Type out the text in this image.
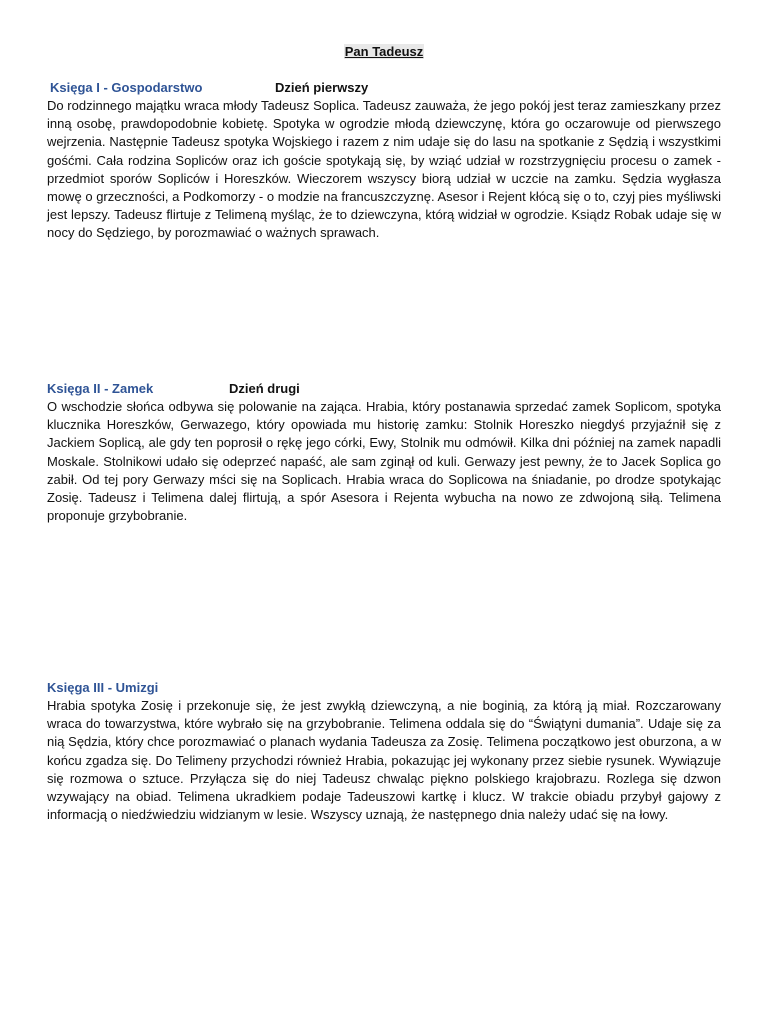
Pan Tadeusz
Księga I - Gospodarstwo	Dzień pierwszy

Do rodzinnego majątku wraca młody Tadeusz Soplica. Tadeusz zauważa, że jego pokój jest teraz zamieszkany przez inną osobę, prawdopodobnie kobietę. Spotyka w ogrodzie młodą dziewczynę, która go oczarowuje od pierwszego wejrzenia. Następnie Tadeusz spotyka Wojskiego i razem z nim udaje się do lasu na spotkanie z Sędzią i wszystkimi gośćmi. Cała rodzina Sopliców oraz ich goście spotykają się, by wziąć udział w rozstrzygnięciu procesu o zamek - przedmiot sporów Sopliców i Horeszków. Wieczorem wszyscy biorą udział w uczcie na zamku. Sędzia wygłasza mowę o grzeczności, a Podkomorzy - o modzie na francuszczyznę. Asesor i Rejent kłócą się o to, czyj pies myśliwski jest lepszy. Tadeusz flirtuje z Telimeną myśląc, że to dziewczyna, którą widział w ogrodzie. Ksiądz Robak udaje się w nocy do Sędziego, by porozmawiać o ważnych sprawach.

Księga II - Zamek	Dzień drugi

O wschodzie słońca odbywa się polowanie na zająca. Hrabia, który postanawia sprzedać zamek Soplicom, spotyka klucznika Horeszków, Gerwazego, który opowiada mu historię zamku: Stolnik Horeszko niegdyś przyjaźnił się z Jackiem Soplicą, ale gdy ten poprosił o rękę jego córki, Ewy, Stolnik mu odmówił. Kilka dni później na zamek napadli Moskale. Stolnikowi udało się odeprzeć napaść, ale sam zginął od kuli. Gerwazy jest pewny, że to Jacek Soplica go zabił. Od tej pory Gerwazy mści się na Soplicach. Hrabia wraca do Soplicowa na śniadanie, po drodze spotykając Zosię. Tadeusz i Telimena dalej flirtują, a spór Asesora i Rejenta wybucha na nowo ze zdwojoną siłą. Telimena proponuje grzybobranie.

Księga III - Umizgi

Hrabia spotyka Zosię i przekonuje się, że jest zwykłą dziewczyną, a nie boginią, za którą ją miał. Rozczarowany wraca do towarzystwa, które wybrało się na grzybobranie. Telimena oddala się do “Świątyni dumania”. Udaje się za nią Sędzia, który chce porozmawiać o planach wydania Tadeusza za Zosię. Telimena początkowo jest oburzona, a w końcu zgadza się. Do Telimeny przychodzi również Hrabia, pokazując jej wykonany przez siebie rysunek. Wywiązuje się rozmowa o sztuce. Przyłącza się do niej Tadeusz chwaląc piękno polskiego krajobrazu. Rozlega się dzwon wzywający na obiad. Telimena ukradkiem podaje Tadeuszowi kartkę i klucz. W trakcie obiadu przybył gajowy z informacją o niedźwiedziu widzianym w lesie. Wszyscy uznają, że następnego dnia należy udać się na łowy.
